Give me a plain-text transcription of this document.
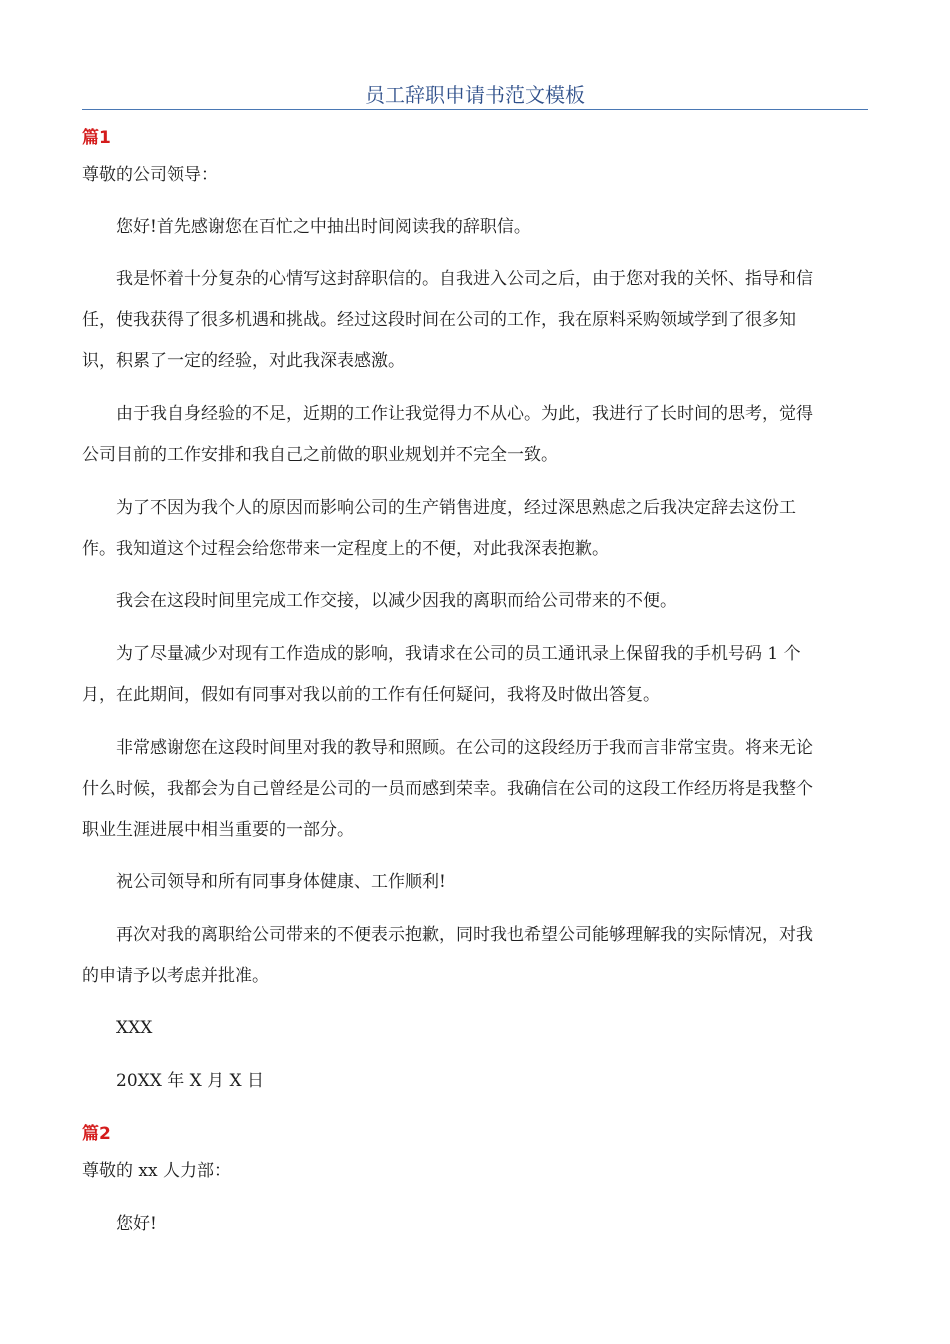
员工辞职申请书范文模板
篇1
尊敬的公司领导：
您好!首先感谢您在百忙之中抽出时间阅读我的辞职信。
我是怀着十分复杂的心情写这封辞职信的。自我进入公司之后，由于您对我的关怀、指导和信
任，使我获得了很多机遇和挑战。经过这段时间在公司的工作，我在原料采购领域学到了很多知
识，积累了一定的经验，对此我深表感激。
由于我自身经验的不足，近期的工作让我觉得力不从心。为此，我进行了长时间的思考，觉得
公司目前的工作安排和我自己之前做的职业规划并不完全一致。
为了不因为我个人的原因而影响公司的生产销售进度，经过深思熟虑之后我决定辞去这份工
作。我知道这个过程会给您带来一定程度上的不便，对此我深表抱歉。
我会在这段时间里完成工作交接，以减少因我的离职而给公司带来的不便。
为了尽量减少对现有工作造成的影响，我请求在公司的员工通讯录上保留我的手机号码 1 个
月，在此期间，假如有同事对我以前的工作有任何疑问，我将及时做出答复。
非常感谢您在这段时间里对我的教导和照顾。在公司的这段经历于我而言非常宝贵。将来无论
什么时候，我都会为自己曾经是公司的一员而感到荣幸。我确信在公司的这段工作经历将是我整个
职业生涯进展中相当重要的一部分。
祝公司领导和所有同事身体健康、工作顺利!
再次对我的离职给公司带来的不便表示抱歉，同时我也希望公司能够理解我的实际情况，对我
的申请予以考虑并批准。
XXX
20XX 年 X 月 X 日
篇2
尊敬的 xx 人力部：
您好!
